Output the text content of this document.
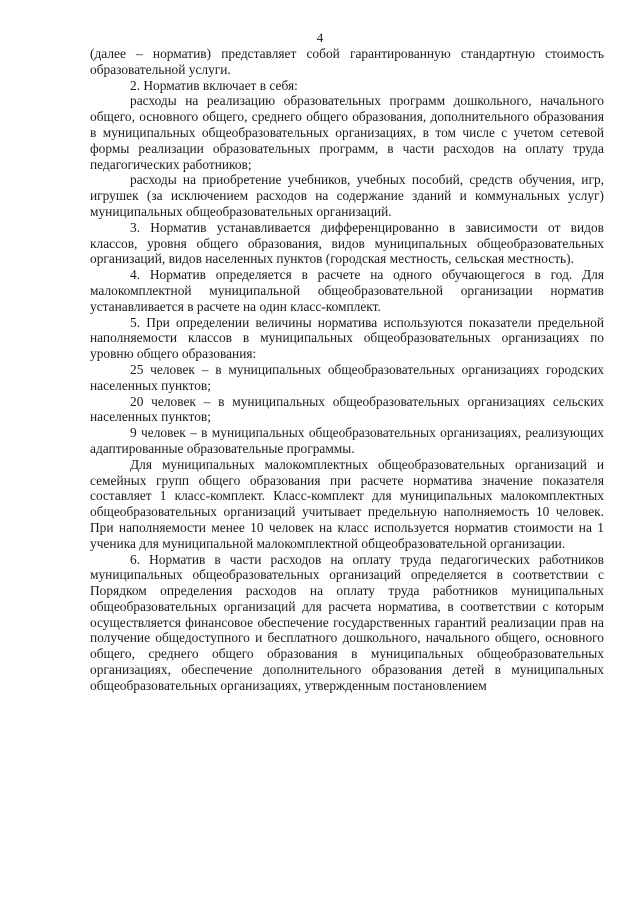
4

(далее – норматив) представляет собой гарантированную стандартную стоимость образовательной услуги.

2. Норматив включает в себя:

расходы на реализацию образовательных программ дошкольного, начального общего, основного общего, среднего общего образования, дополнительного образования в муниципальных общеобразовательных организациях, в том числе с учетом сетевой формы реализации образовательных программ, в части расходов на оплату труда педагогических работников;

расходы на приобретение учебников, учебных пособий, средств обучения, игр, игрушек (за исключением расходов на содержание зданий и коммунальных услуг) муниципальных общеобразовательных организаций.

3. Норматив устанавливается дифференцированно в зависимости от видов классов, уровня общего образования, видов муниципальных общеобразовательных организаций, видов населенных пунктов (городская местность, сельская местность).

4. Норматив определяется в расчете на одного обучающегося в год. Для малокомплектной муниципальной общеобразовательной организации норматив устанавливается в расчете на один класс-комплект.

5. При определении величины норматива используются показатели предельной наполняемости классов в муниципальных общеобразовательных организациях по уровню общего образования:

25 человек – в муниципальных общеобразовательных организациях городских населенных пунктов;

20 человек – в муниципальных общеобразовательных организациях сельских населенных пунктов;

9 человек – в муниципальных общеобразовательных организациях, реализующих адаптированные образовательные программы.

Для муниципальных малокомплектных общеобразовательных организаций и семейных групп общего образования при расчете норматива значение показателя составляет 1 класс-комплект. Класс-комплект для муниципальных малокомплектных общеобразовательных организаций учитывает предельную наполняемость 10 человек. При наполняемости менее 10 человек на класс используется норматив стоимости на 1 ученика для муниципальной малокомплектной общеобразовательной организации.

6. Норматив в части расходов на оплату труда педагогических работников муниципальных общеобразовательных организаций определяется в соответствии с Порядком определения расходов на оплату труда работников муниципальных общеобразовательных организаций для расчета норматива, в соответствии с которым осуществляется финансовое обеспечение государственных гарантий реализации прав на получение общедоступного и бесплатного дошкольного, начального общего, основного общего, среднего общего образования в муниципальных общеобразовательных организациях, обеспечение дополнительного образования детей в муниципальных общеобразовательных организациях, утвержденным постановлением
